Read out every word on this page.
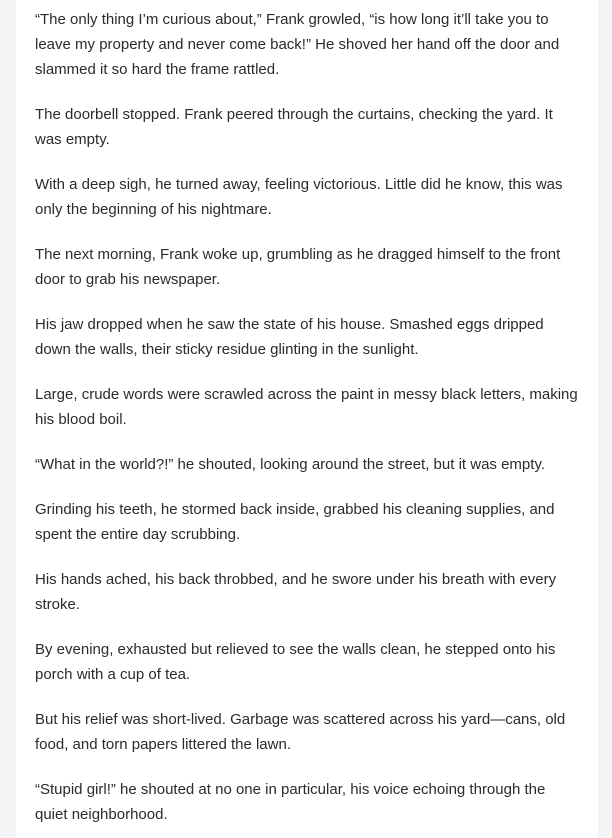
“The only thing I’m curious about,” Frank growled, “is how long it’ll take you to leave my property and never come back!” He shoved her hand off the door and slammed it so hard the frame rattled.

The doorbell stopped. Frank peered through the curtains, checking the yard. It was empty.

With a deep sigh, he turned away, feeling victorious. Little did he know, this was only the beginning of his nightmare.

The next morning, Frank woke up, grumbling as he dragged himself to the front door to grab his newspaper.

His jaw dropped when he saw the state of his house. Smashed eggs dripped down the walls, their sticky residue glinting in the sunlight.

Large, crude words were scrawled across the paint in messy black letters, making his blood boil.

“What in the world?!” he shouted, looking around the street, but it was empty.

Grinding his teeth, he stormed back inside, grabbed his cleaning supplies, and spent the entire day scrubbing.

His hands ached, his back throbbed, and he swore under his breath with every stroke.

By evening, exhausted but relieved to see the walls clean, he stepped onto his porch with a cup of tea.

But his relief was short-lived. Garbage was scattered across his yard—cans, old food, and torn papers littered the lawn.

“Stupid girl!” he shouted at no one in particular, his voice echoing through the quiet neighborhood.
